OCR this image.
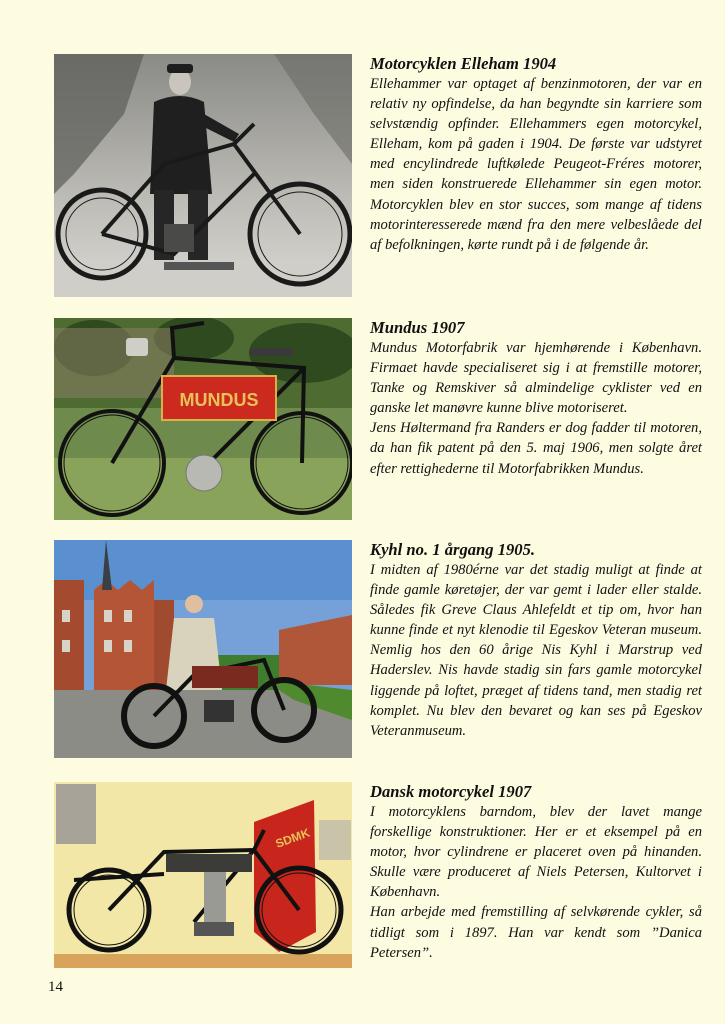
Motorcyklen Elleham 1904

Ellehammer var optaget af benzinmotoren, der var en relativ ny opfindelse, da han begyndte sin karriere som selvstændig opfinder. Ellehammers egen motorcykel, Elleham, kom på gaden i 1904. De første var udstyret med encylindrede luftkølede Peugeot-Fréres motorer, men siden konstruerede Ellehammer sin egen motor. Motorcyklen blev en stor succes, som mange af tidens motorinteresserede mænd fra den mere velbeslåede del af befolkningen, kørte rundt på i de følgende år.

MUNDUS
Mundus 1907

Mundus Motorfabrik var hjemhørende i København. Firmaet havde specialiseret sig i at fremstille motorer, Tanke og Remskiver så almindelige cyklister ved en ganske let manøvre kunne blive motoriseret.

Jens Høltermand fra Randers er dog fadder til motoren, da han fik patent på den 5. maj 1906, men solgte året efter rettighederne til Motorfabrikken Mundus.

Kyhl no. 1 årgang 1905.

I midten af 1980érne var det stadig muligt at finde at finde gamle køretøjer, der var gemt i lader eller stalde. Således fik Greve Claus Ahlefeldt et tip om, hvor han kunne finde et nyt klenodie til Egeskov Veteran museum. Nemlig hos den 60 årige Nis Kyhl i Marstrup ved Haderslev. Nis havde stadig sin fars gamle motorcykel liggende på loftet, præget af tidens tand, men stadig ret komplet. Nu blev den bevaret og kan ses på Egeskov Veteranmuseum.

SDMK
Dansk motorcykel 1907

I motorcyklens barndom, blev der lavet mange forskellige konstruktioner. Her er et eksempel på en motor, hvor cylindrene er placeret oven på hinanden. Skulle være produceret af Niels Petersen, Kultorvet i København.

Han arbejde med fremstilling af selvkørende cykler, så tidligt som i 1897. Han var kendt som ”Danica Petersen”.

14
